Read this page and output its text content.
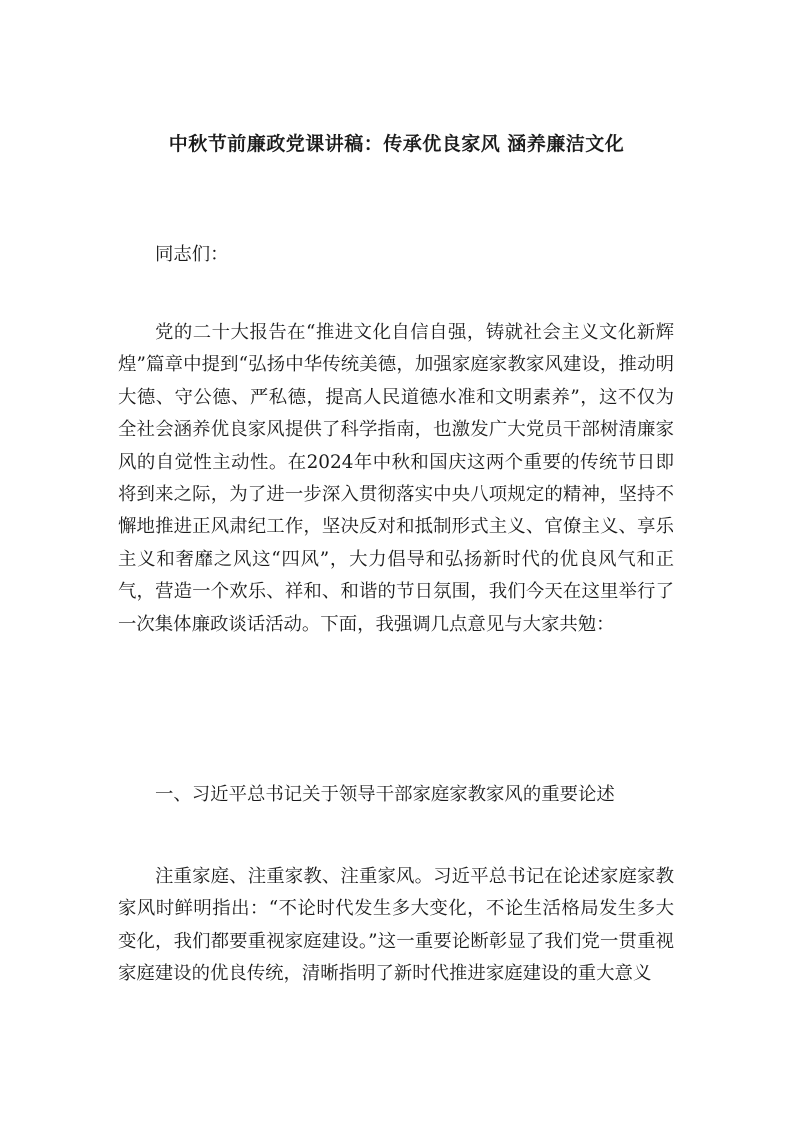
中秋节前廉政党课讲稿：传承优良家风 涵养廉洁文化
同志们：
党的二十大报告在“推进文化自信自强，铸就社会主义文化新辉煌”篇章中提到“弘扬中华传统美德，加强家庭家教家风建设，推动明大德、守公德、严私德，提高人民道德水准和文明素养”，这不仅为全社会涵养优良家风提供了科学指南，也激发广大党员干部树清廉家风的自觉性主动性。在2024年中秋和国庆这两个重要的传统节日即将到来之际，为了进一步深入贯彻落实中央八项规定的精神，坚持不懈地推进正风肃纪工作，坚决反对和抵制形式主义、官僚主义、享乐主义和奢靡之风这“四风”，大力倡导和弘扬新时代的优良风气和正气，营造一个欢乐、祥和、和谐的节日氛围，我们今天在这里举行了一次集体廉政谈话活动。下面，我强调几点意见与大家共勉：
一、习近平总书记关于领导干部家庭家教家风的重要论述
注重家庭、注重家教、注重家风。习近平总书记在论述家庭家教家风时鲜明指出：“不论时代发生多大变化，不论生活格局发生多大变化，我们都要重视家庭建设。”这一重要论断彰显了我们党一贯重视家庭建设的优良传统，清晰指明了新时代推进家庭建设的重大意义
